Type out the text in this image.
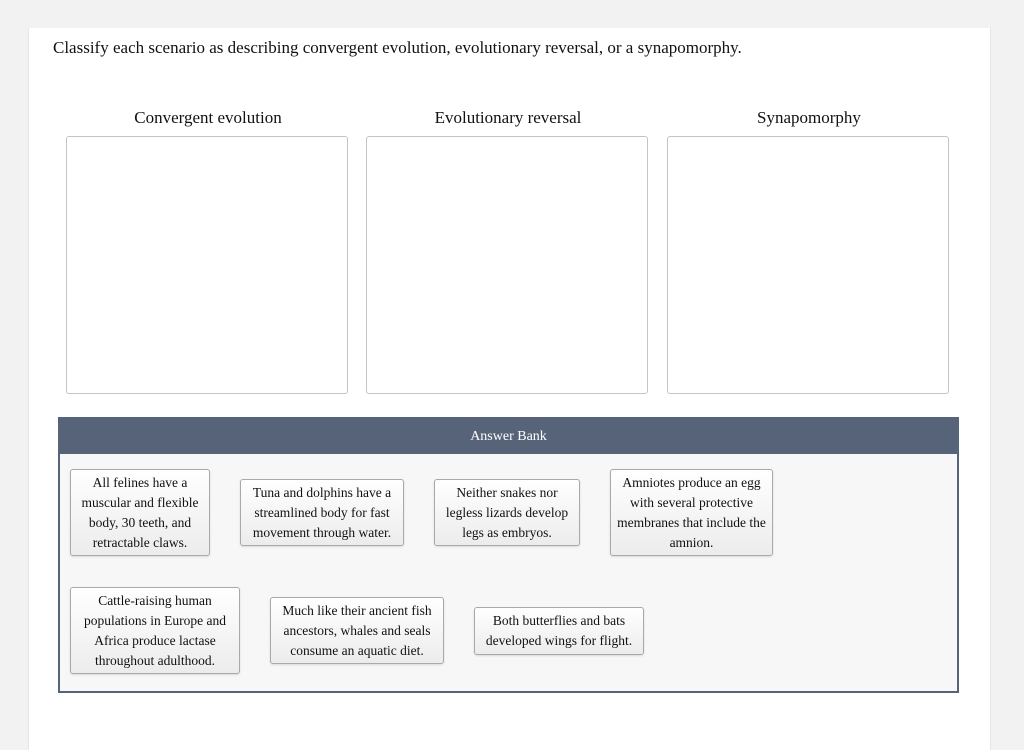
Classify each scenario as describing convergent evolution, evolutionary reversal, or a synapomorphy.
Convergent evolution	Evolutionary reversal	Synapomorphy
Answer Bank
All felines have a muscular and flexible body, 30 teeth, and retractable claws.
Tuna and dolphins have a streamlined body for fast movement through water.
Neither snakes nor legless lizards develop legs as embryos.
Amniotes produce an egg with several protective membranes that include the amnion.
Cattle-raising human populations in Europe and Africa produce lactase throughout adulthood.
Much like their ancient fish ancestors, whales and seals consume an aquatic diet.
Both butterflies and bats developed wings for flight.
